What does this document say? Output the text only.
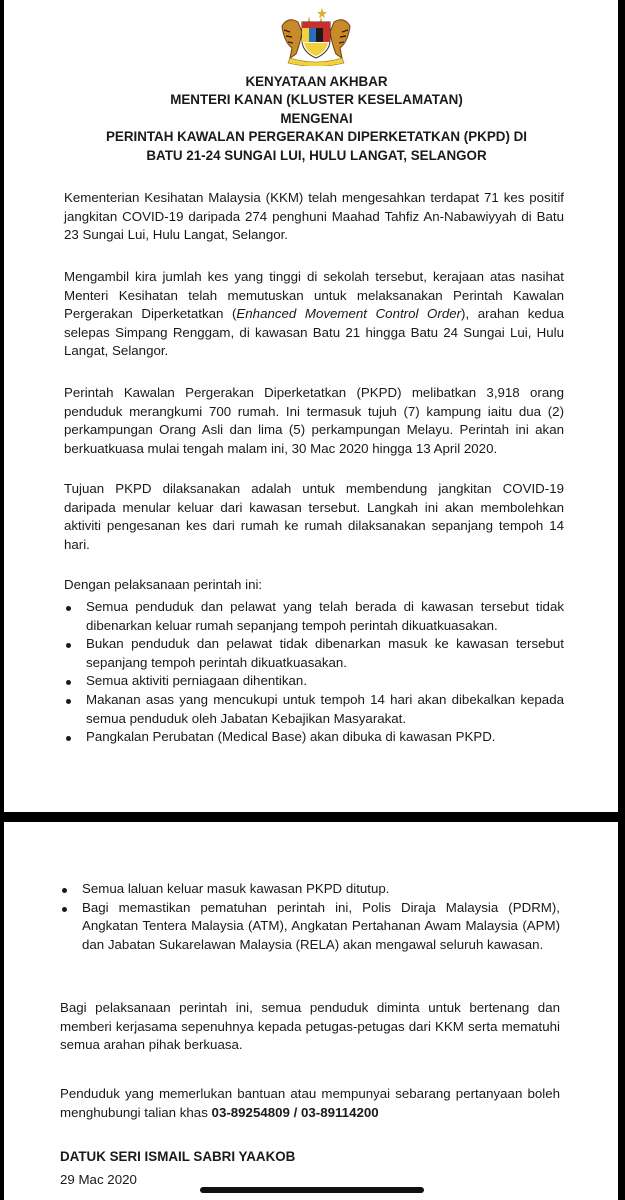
KENYATAAN AKHBAR
MENTERI KANAN (KLUSTER KESELAMATAN)
MENGENAI
PERINTAH KAWALAN PERGERAKAN DIPERKETATKAN (PKPD) DI
BATU 21-24 SUNGAI LUI, HULU LANGAT, SELANGOR
Kementerian Kesihatan Malaysia (KKM) telah mengesahkan terdapat 71 kes positif jangkitan COVID-19 daripada 274 penghuni Maahad Tahfiz An-Nabawiyyah di Batu 23 Sungai Lui, Hulu Langat, Selangor.
Mengambil kira jumlah kes yang tinggi di sekolah tersebut, kerajaan atas nasihat Menteri Kesihatan telah memutuskan untuk melaksanakan Perintah Kawalan Pergerakan Diperketatkan (Enhanced Movement Control Order), arahan kedua selepas Simpang Renggam, di kawasan Batu 21 hingga Batu 24 Sungai Lui, Hulu Langat, Selangor.
Perintah Kawalan Pergerakan Diperketatkan (PKPD) melibatkan 3,918 orang penduduk merangkumi 700 rumah. Ini termasuk tujuh (7) kampung iaitu dua (2) perkampungan Orang Asli dan lima (5) perkampungan Melayu. Perintah ini akan berkuatkuasa mulai tengah malam ini, 30 Mac 2020 hingga 13 April 2020.
Tujuan PKPD dilaksanakan adalah untuk membendung jangkitan COVID-19 daripada menular keluar dari kawasan tersebut. Langkah ini akan membolehkan aktiviti pengesanan kes dari rumah ke rumah dilaksanakan sepanjang tempoh 14 hari.
Dengan pelaksanaan perintah ini:
Semua penduduk dan pelawat yang telah berada di kawasan tersebut tidak dibenarkan keluar rumah sepanjang tempoh perintah dikuatkuasakan.
Bukan penduduk dan pelawat tidak dibenarkan masuk ke kawasan tersebut sepanjang tempoh perintah dikuatkuasakan.
Semua aktiviti perniagaan dihentikan.
Makanan asas yang mencukupi untuk tempoh 14 hari akan dibekalkan kepada semua penduduk oleh Jabatan Kebajikan Masyarakat.
Pangkalan Perubatan (Medical Base) akan dibuka di kawasan PKPD.
Semua laluan keluar masuk kawasan PKPD ditutup.
Bagi memastikan pematuhan perintah ini, Polis Diraja Malaysia (PDRM), Angkatan Tentera Malaysia (ATM), Angkatan Pertahanan Awam Malaysia (APM) dan Jabatan Sukarelawan Malaysia (RELA) akan mengawal seluruh kawasan.
Bagi pelaksanaan perintah ini, semua penduduk diminta untuk bertenang dan memberi kerjasama sepenuhnya kepada petugas-petugas dari KKM serta mematuhi semua arahan pihak berkuasa.
Penduduk yang memerlukan bantuan atau mempunyai sebarang pertanyaan boleh menghubungi talian khas 03-89254809 / 03-89114200
DATUK SERI ISMAIL SABRI YAAKOB
29 Mac 2020
